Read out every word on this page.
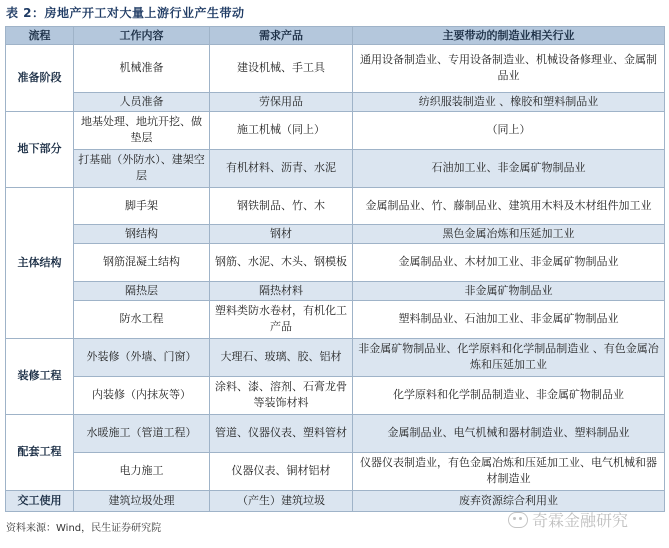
表 2：房地产开工对大量上游行业产生带动
流程	工作内容	需求产品	主要带动的制造业相关行业
准备阶段	机械准备	建设机械、手工具	通用设备制造业、专用设备制造业、机械设备修理业、金属制品业
	人员准备	劳保用品	纺织服装制造业 、橡胶和塑料制品业
地下部分	地基处理、地坑开挖、做垫层	施工机械（同上）	（同上）
	打基础（外防水）、建架空层	有机材料、沥青、水泥	石油加工业、非金属矿物制品业
主体结构	脚手架	钢铁制品、竹、木	金属制品业、竹、藤制品业、建筑用木料及木材组件加工业
	钢结构	钢材	黑色金属冶炼和压延加工业
	钢筋混凝土结构	钢筋、水泥、木头、钢模板	金属制品业、木材加工业、非金属矿物制品业
	隔热层	隔热材料	非金属矿物制品业
	防水工程	塑料类防水卷材，有机化工产品	塑料制品业、石油加工业、非金属矿物制品业
装修工程	外装修（外墙、门窗）	大理石、玻璃、胶、铝材	非金属矿物制品业、化学原料和化学制品制造业 、有色金属冶炼和压延加工业
	内装修（内抹灰等）	涂料、漆、溶剂、石膏龙骨等装饰材料	化学原料和化学制品制造业、非金属矿物制品业
配套工程	水暖施工（管道工程）	管道、仪器仪表、塑料管材	金属制品业、电气机械和器材制造业、塑料制品业
	电力施工	仪器仪表、铜材铝材	仪器仪表制造业，有色金属冶炼和压延加工业、电气机械和器材制造业
交工使用	建筑垃圾处理	（产生）建筑垃圾	废弃资源综合利用业
资料来源：Wind，民生证券研究院	奇霖金融研究
